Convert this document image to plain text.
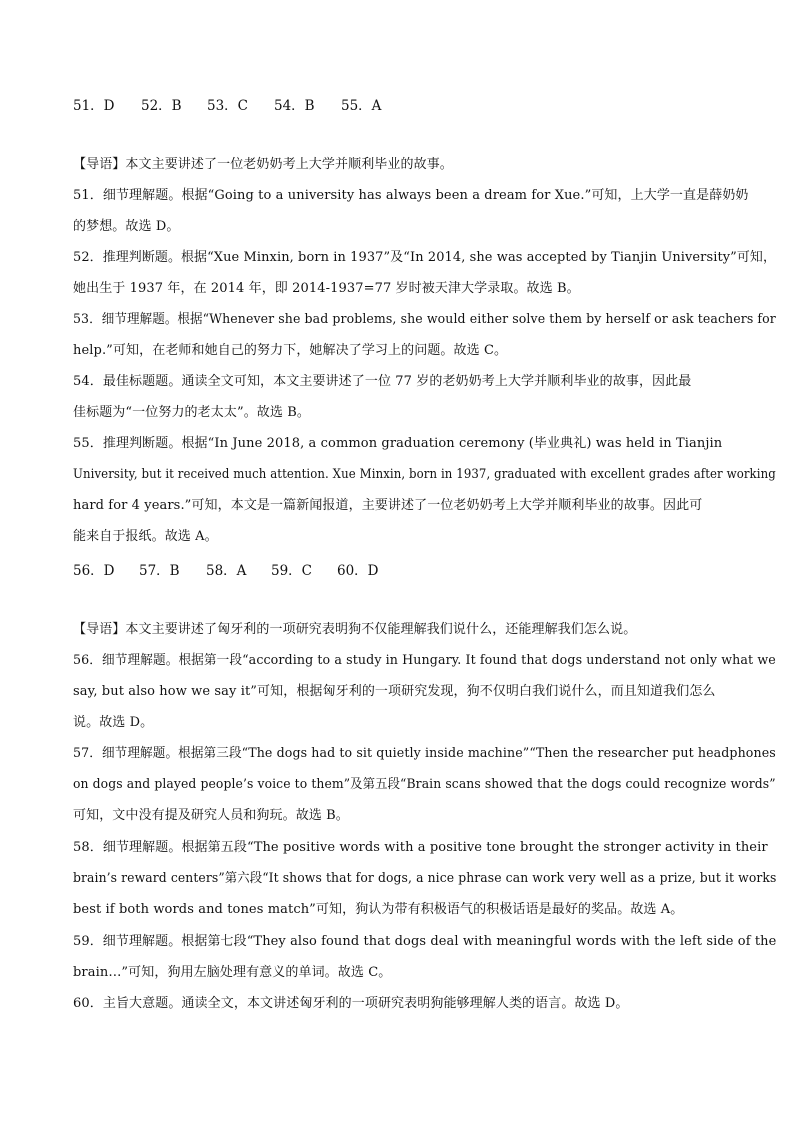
51．D 52．B 53．C 54．B 55．A
【导语】本文主要讲述了一位老奶奶考上大学并顺利毕业的故事。
51．细节理解题。根据“Going to a university has always been a dream for Xue.”可知，上大学一直是薛奶奶
的梦想。故选 D。
52．推理判断题。根据“Xue Minxin, born in 1937”及“In 2014, she was accepted by Tianjin University”可知，
她出生于 1937 年，在 2014 年，即 2014-1937=77 岁时被天津大学录取。故选 B。
53．细节理解题。根据“Whenever she bad problems, she would either solve them by herself or ask teachers for
help.”可知，在老师和她自己的努力下，她解决了学习上的问题。故选 C。
54．最佳标题题。通读全文可知，本文主要讲述了一位 77 岁的老奶奶考上大学并顺利毕业的故事，因此最
佳标题为“一位努力的老太太”。故选 B。
55．推理判断题。根据“In June 2018, a common graduation ceremony (毕业典礼) was held in Tianjin
University, but it received much attention. Xue Minxin, born in 1937, graduated with excellent grades after working
hard for 4 years.”可知，本文是一篇新闻报道，主要讲述了一位老奶奶考上大学并顺利毕业的故事。因此可
能来自于报纸。故选 A。
56．D 57．B 58．A 59．C 60．D
【导语】本文主要讲述了匈牙利的一项研究表明狗不仅能理解我们说什么，还能理解我们怎么说。
56．细节理解题。根据第一段“according to a study in Hungary. It found that dogs understand not only what we
say, but also how we say it”可知，根据匈牙利的一项研究发现，狗不仅明白我们说什么，而且知道我们怎么
说。故选 D。
57．细节理解题。根据第三段“The dogs had to sit quietly inside machine”“Then the researcher put headphones
on dogs and played people’s voice to them”及第五段“Brain scans showed that the dogs could recognize words”
可知，文中没有提及研究人员和狗玩。故选 B。
58．细节理解题。根据第五段“The positive words with a positive tone brought the stronger activity in their
brain’s reward centers”第六段“It shows that for dogs, a nice phrase can work very well as a prize, but it works
best if both words and tones match”可知，狗认为带有积极语气的积极话语是最好的奖品。故选 A。
59．细节理解题。根据第七段“They also found that dogs deal with meaningful words with the left side of the
brain…”可知，狗用左脑处理有意义的单词。故选 C。
60．主旨大意题。通读全文，本文讲述匈牙利的一项研究表明狗能够理解人类的语言。故选 D。
